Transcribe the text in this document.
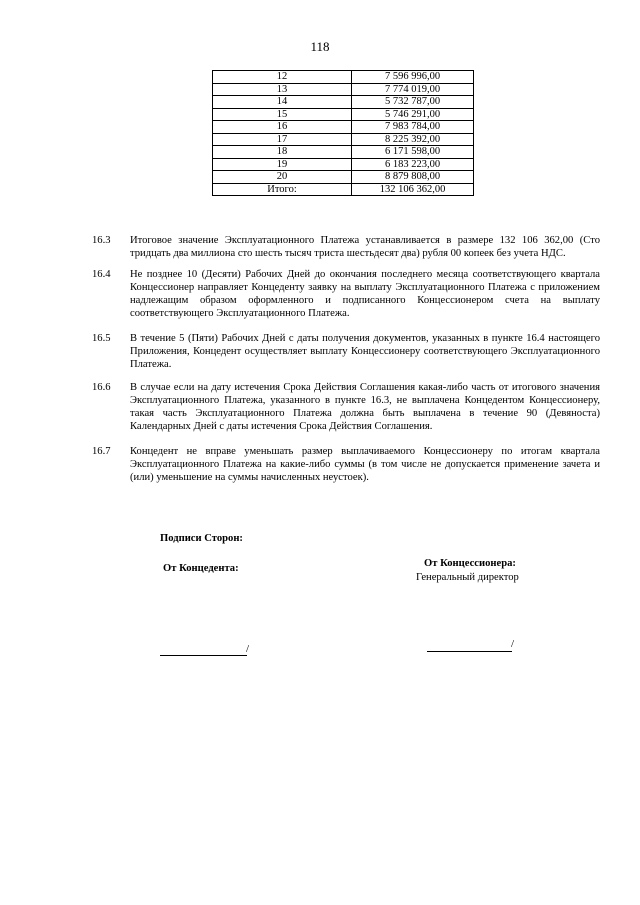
118
12	7 596 996,00
13	7 774 019,00
14	5 732 787,00
15	5 746 291,00
16	7 983 784,00
17	8 225 392,00
18	6 171 598,00
19	6 183 223,00
20	8 879 808,00
Итого:	132 106 362,00
16.3 Итоговое значение Эксплуатационного Платежа устанавливается в размере 132 106 362,00 (Сто тридцать два миллиона сто шесть тысяч триста шестьдесят два) рубля 00 копеек без учета НДС.
16.4 Не позднее 10 (Десяти) Рабочих Дней до окончания последнего месяца соответствующего квартала Концессионер направляет Концеденту заявку на выплату Эксплуатационного Платежа с приложением надлежащим образом оформленного и подписанного Концессионером счета на выплату соответствующего Эксплуатационного Платежа.
16.5 В течение 5 (Пяти) Рабочих Дней с даты получения документов, указанных в пункте 16.4 настоящего Приложения, Концедент осуществляет выплату Концессионеру соответствующего Эксплуатационного Платежа.
16.6 В случае если на дату истечения Срока Действия Соглашения какая-либо часть от итогового значения Эксплуатационного Платежа, указанного в пункте 16.3, не выплачена Концедентом Концессионеру, такая часть Эксплуатационного Платежа должна быть выплачена в течение 90 (Девяноста) Календарных Дней с даты истечения Срока Действия Соглашения.
16.7 Концедент не вправе уменьшать размер выплачиваемого Концессионеру по итогам квартала Эксплуатационного Платежа на какие-либо суммы (в том числе не допускается применение зачета и (или) уменьшение на суммы начисленных неустоек).
Подписи Сторон:
От Концедента:	От Концессионера:
Генеральный директор
/	/
